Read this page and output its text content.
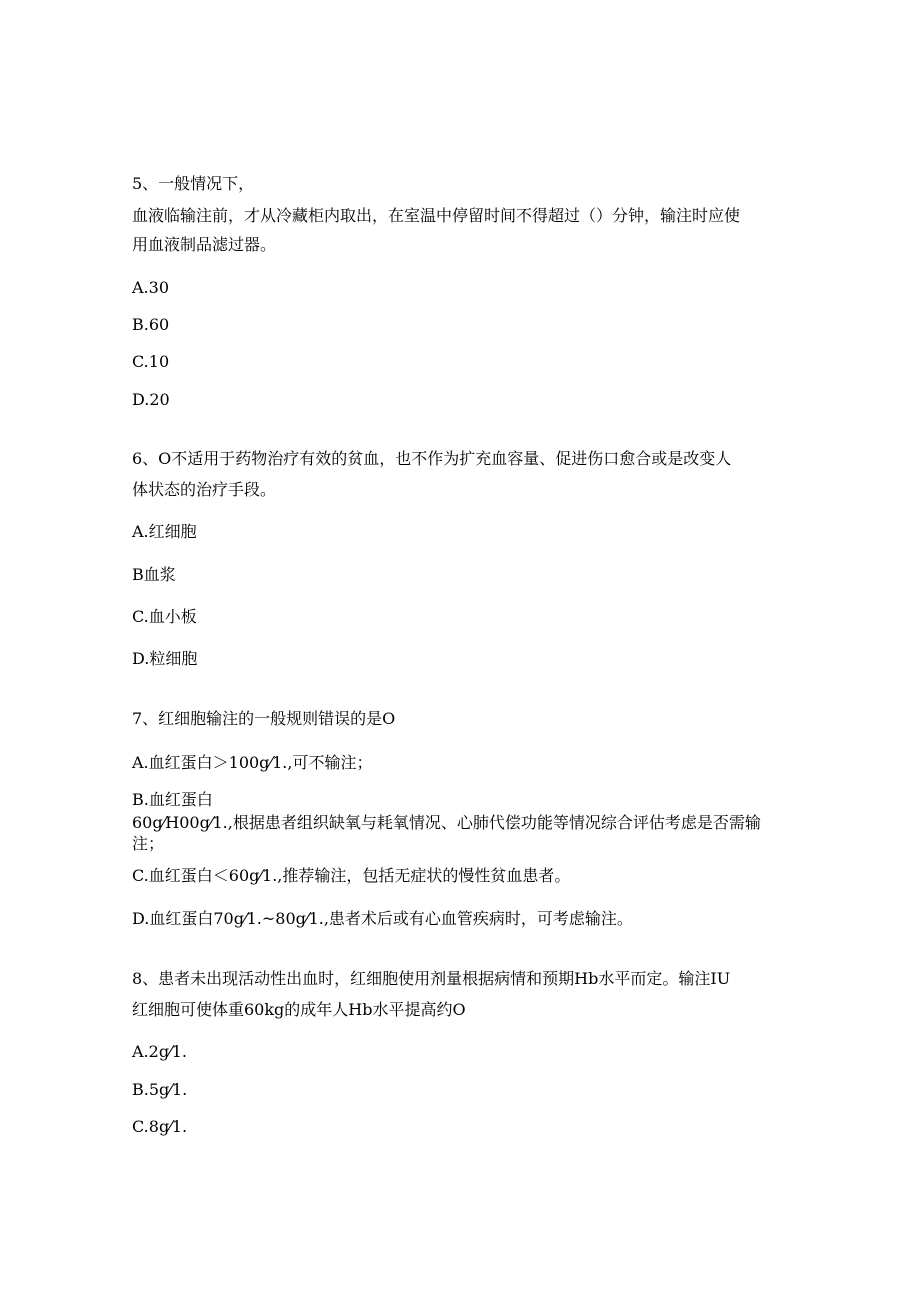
5、一般情况下，
血液临输注前，才从冷藏柜内取出，在室温中停留时间不得超过（）分钟，输注时应使
用血液制品滤过器。
A.30
B.60
C.10
D.20
6、O不适用于药物治疗有效的贫血，也不作为扩充血容量、促进伤口愈合或是改变人
体状态的治疗手段。
A.红细胞
B血浆
C.血小板
D.粒细胞
7、红细胞输注的一般规则错误的是O
A.血红蛋白＞100g⁄1.,可不输注；
B.血红蛋白
60g⁄H00g⁄1.,根据患者组织缺氧与耗氧情况、心肺代偿功能等情况综合评估考虑是否需输
注；
C.血红蛋白＜60g⁄1.,推荐输注，包括无症状的慢性贫血患者。
D.血红蛋白70g⁄1.~80g⁄1.,患者术后或有心血管疾病时，可考虑输注。
8、患者未出现活动性出血时，红细胞使用剂量根据病情和预期Hb水平而定。输注IU
红细胞可使体重60kg的成年人Hb水平提高约O
A.2g⁄1.
B.5g⁄1.
C.8g⁄1.
